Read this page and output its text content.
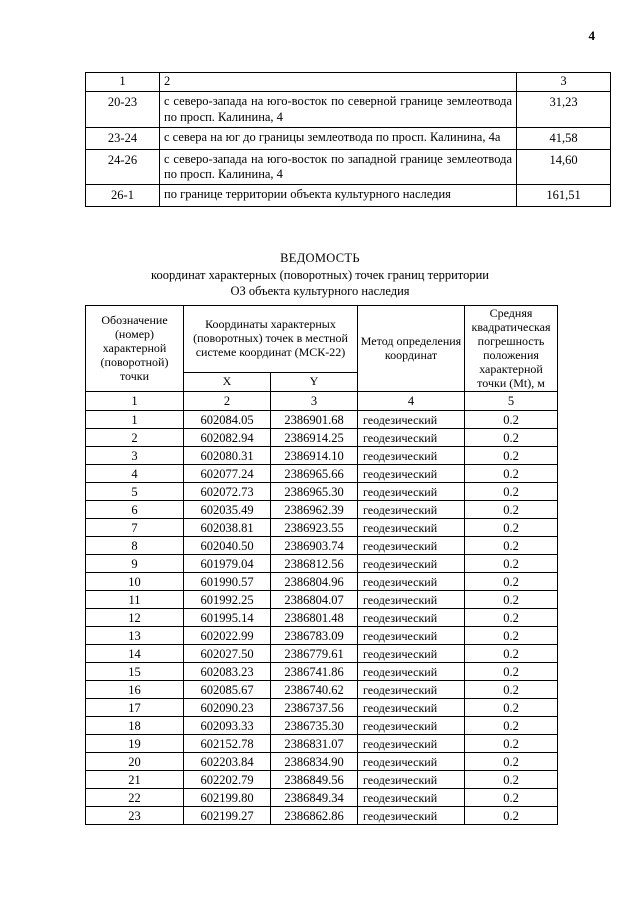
4
1	2	3
20-23	с северо-запада на юго-восток по северной границе землеотвода по просп. Калинина, 4	31,23
23-24	с севера на юг до границы землеотвода по просп. Калинина, 4а	41,58
24-26	с северо-запада на юго-восток по западной границе землеотвода по просп. Калинина, 4	14,60
26-1	по границе территории объекта культурного наследия	161,51
ВЕДОМОСТЬ
координат характерных (поворотных) точек границ территории
ОЗ объекта культурного наследия
Обозначение (номер) характерной (поворотной) точки	Координаты характерных (поворотных) точек в местной системе координат (МСК-22)		Метод определения координат	Средняя квадратическая погрешность положения характерной точки (Mt), м
	X	Y		
1	2	3	4	5
1	602084.05	2386901.68	геодезический	0.2
2	602082.94	2386914.25	геодезический	0.2
3	602080.31	2386914.10	геодезический	0.2
4	602077.24	2386965.66	геодезический	0.2
5	602072.73	2386965.30	геодезический	0.2
6	602035.49	2386962.39	геодезический	0.2
7	602038.81	2386923.55	геодезический	0.2
8	602040.50	2386903.74	геодезический	0.2
9	601979.04	2386812.56	геодезический	0.2
10	601990.57	2386804.96	геодезический	0.2
11	601992.25	2386804.07	геодезический	0.2
12	601995.14	2386801.48	геодезический	0.2
13	602022.99	2386783.09	геодезический	0.2
14	602027.50	2386779.61	геодезический	0.2
15	602083.23	2386741.86	геодезический	0.2
16	602085.67	2386740.62	геодезический	0.2
17	602090.23	2386737.56	геодезический	0.2
18	602093.33	2386735.30	геодезический	0.2
19	602152.78	2386831.07	геодезический	0.2
20	602203.84	2386834.90	геодезический	0.2
21	602202.79	2386849.56	геодезический	0.2
22	602199.80	2386849.34	геодезический	0.2
23	602199.27	2386862.86	геодезический	0.2
